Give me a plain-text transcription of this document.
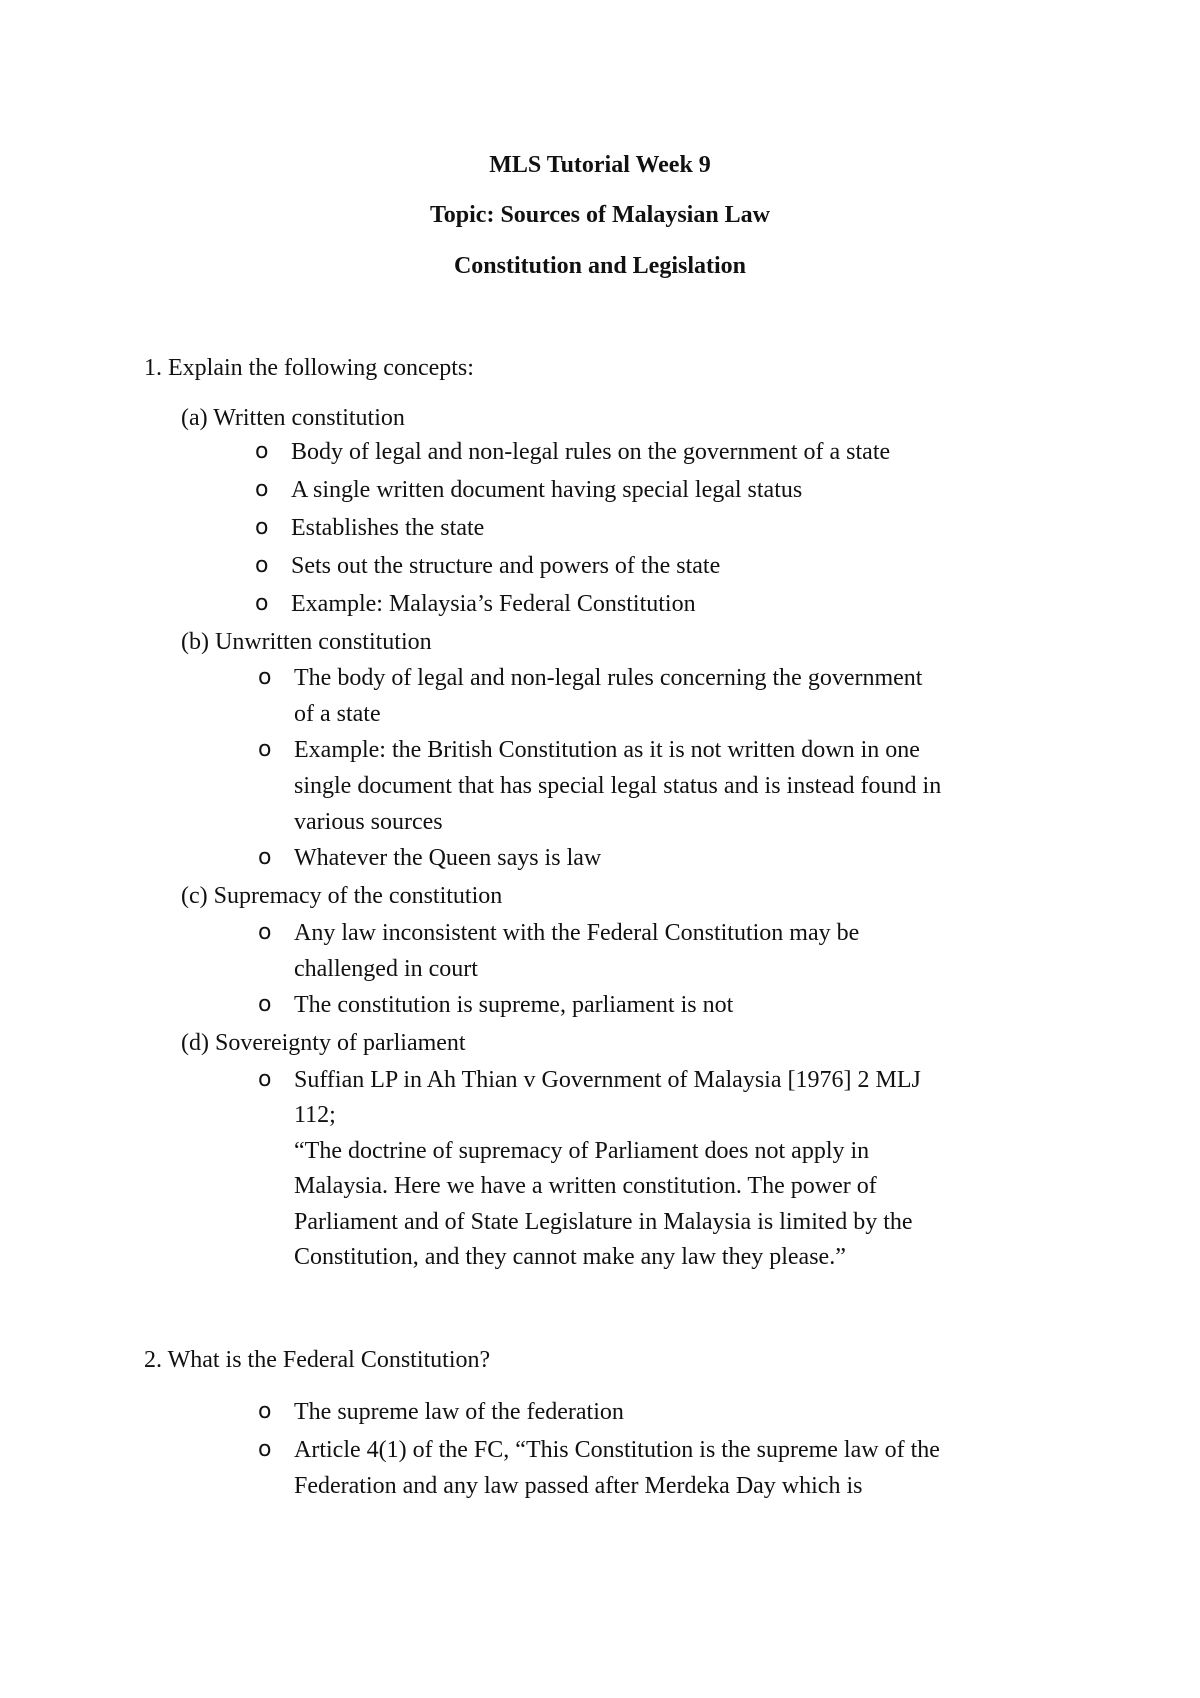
MLS Tutorial Week 9
Topic: Sources of Malaysian Law
Constitution and Legislation
1. Explain the following concepts:
(a) Written constitution
o Body of legal and non-legal rules on the government of a state
o A single written document having special legal status
o Establishes the state
o Sets out the structure and powers of the state
o Example: Malaysia’s Federal Constitution
(b) Unwritten constitution
o The body of legal and non-legal rules concerning the government
of a state
o Example: the British Constitution as it is not written down in one
single document that has special legal status and is instead found in
various sources
o Whatever the Queen says is law
(c) Supremacy of the constitution
o Any law inconsistent with the Federal Constitution may be
challenged in court
o The constitution is supreme, parliament is not
(d) Sovereignty of parliament
o Suffian LP in Ah Thian v Government of Malaysia [1976] 2 MLJ
112;
“The doctrine of supremacy of Parliament does not apply in
Malaysia. Here we have a written constitution. The power of
Parliament and of State Legislature in Malaysia is limited by the
Constitution, and they cannot make any law they please.”
2. What is the Federal Constitution?
o The supreme law of the federation
o Article 4(1) of the FC, “This Constitution is the supreme law of the
Federation and any law passed after Merdeka Day which is
